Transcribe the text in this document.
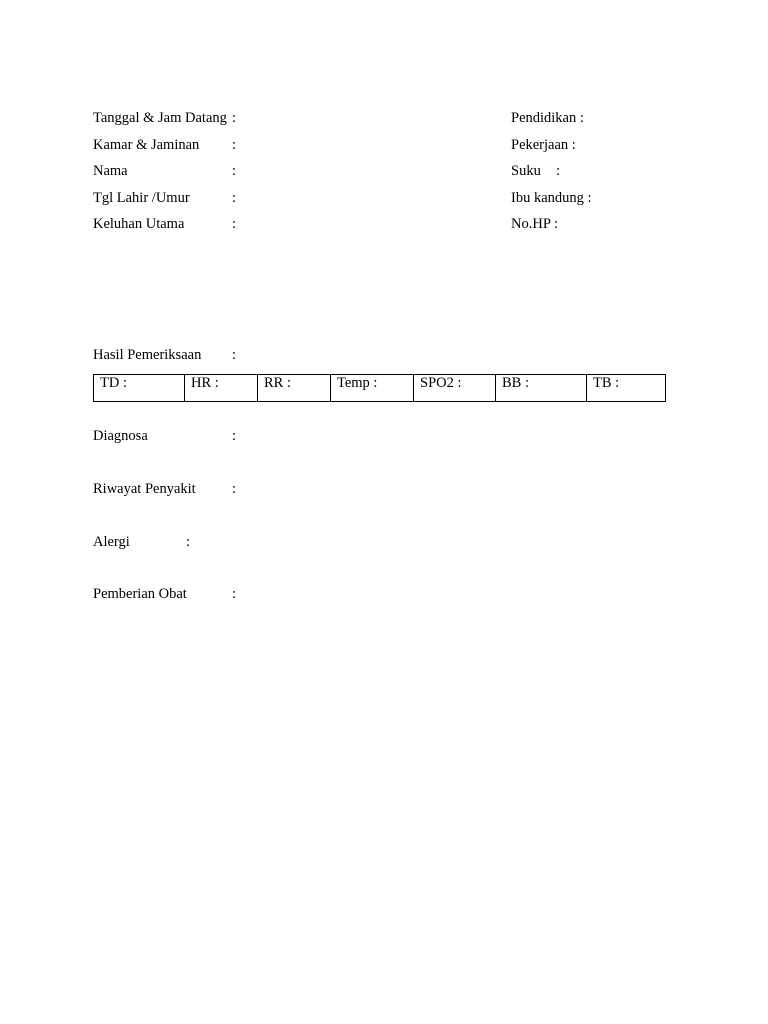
Tanggal & Jam Datang :
Kamar & Jaminan :
Nama	:
Tgl Lahir /Umur	:
Keluhan Utama	:
Pendidikan :
Pekerjaan :
Suku :
Ibu kandung :
No.HP :
Hasil Pemeriksaan :
TD :	HR :	RR :	Temp :	SPO2 :	BB :	TB :
Diagnosa	:
Riwayat Penyakit	:
Alergi	:
Pemberian Obat	:
